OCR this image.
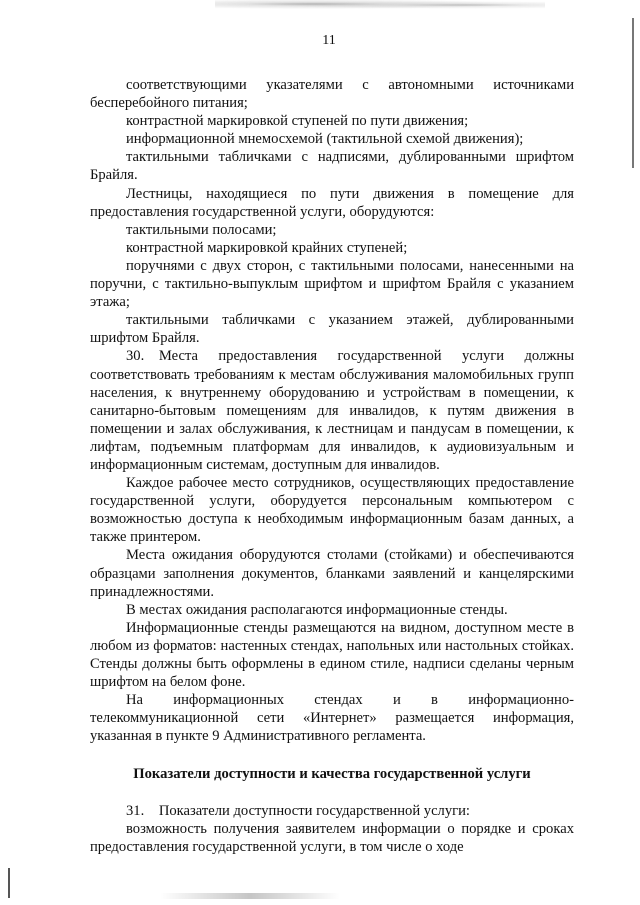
11

соответствующими указателями с автономными источниками бесперебойного питания;

контрастной маркировкой ступеней по пути движения;

информационной мнемосхемой (тактильной схемой движения);

тактильными табличками с надписями, дублированными шрифтом Брайля.

Лестницы, находящиеся по пути движения в помещение для предоставления государственной услуги, оборудуются:

тактильными полосами;

контрастной маркировкой крайних ступеней;

поручнями с двух сторон, с тактильными полосами, нанесенными на поручни, с тактильно-выпуклым шрифтом и шрифтом Брайля с указанием этажа;

тактильными табличками с указанием этажей, дублированными шрифтом Брайля.

30. Места предоставления государственной услуги должны соответствовать требованиям к местам обслуживания маломобильных групп населения, к внутреннему оборудованию и устройствам в помещении, к санитарно-бытовым помещениям для инвалидов, к путям движения в помещении и залах обслуживания, к лестницам и пандусам в помещении, к лифтам, подъемным платформам для инвалидов, к аудиовизуальным и информационным системам, доступным для инвалидов.

Каждое рабочее место сотрудников, осуществляющих предоставление государственной услуги, оборудуется персональным компьютером с возможностью доступа к необходимым информационным базам данных, а также принтером.

Места ожидания оборудуются столами (стойками) и обеспечиваются образцами заполнения документов, бланками заявлений и канцелярскими принадлежностями.

В местах ожидания располагаются информационные стенды.

Информационные стенды размещаются на видном, доступном месте в любом из форматов: настенных стендах, напольных или настольных стойках. Стенды должны быть оформлены в едином стиле, надписи сделаны черным шрифтом на белом фоне.

На информационных стендах и в информационно-телекоммуникационной сети «Интернет» размещается информация, указанная в пункте 9 Административного регламента.

Показатели доступности и качества государственной услуги

31. Показатели доступности государственной услуги:

возможность получения заявителем информации о порядке и сроках предоставления государственной услуги, в том числе о ходе
